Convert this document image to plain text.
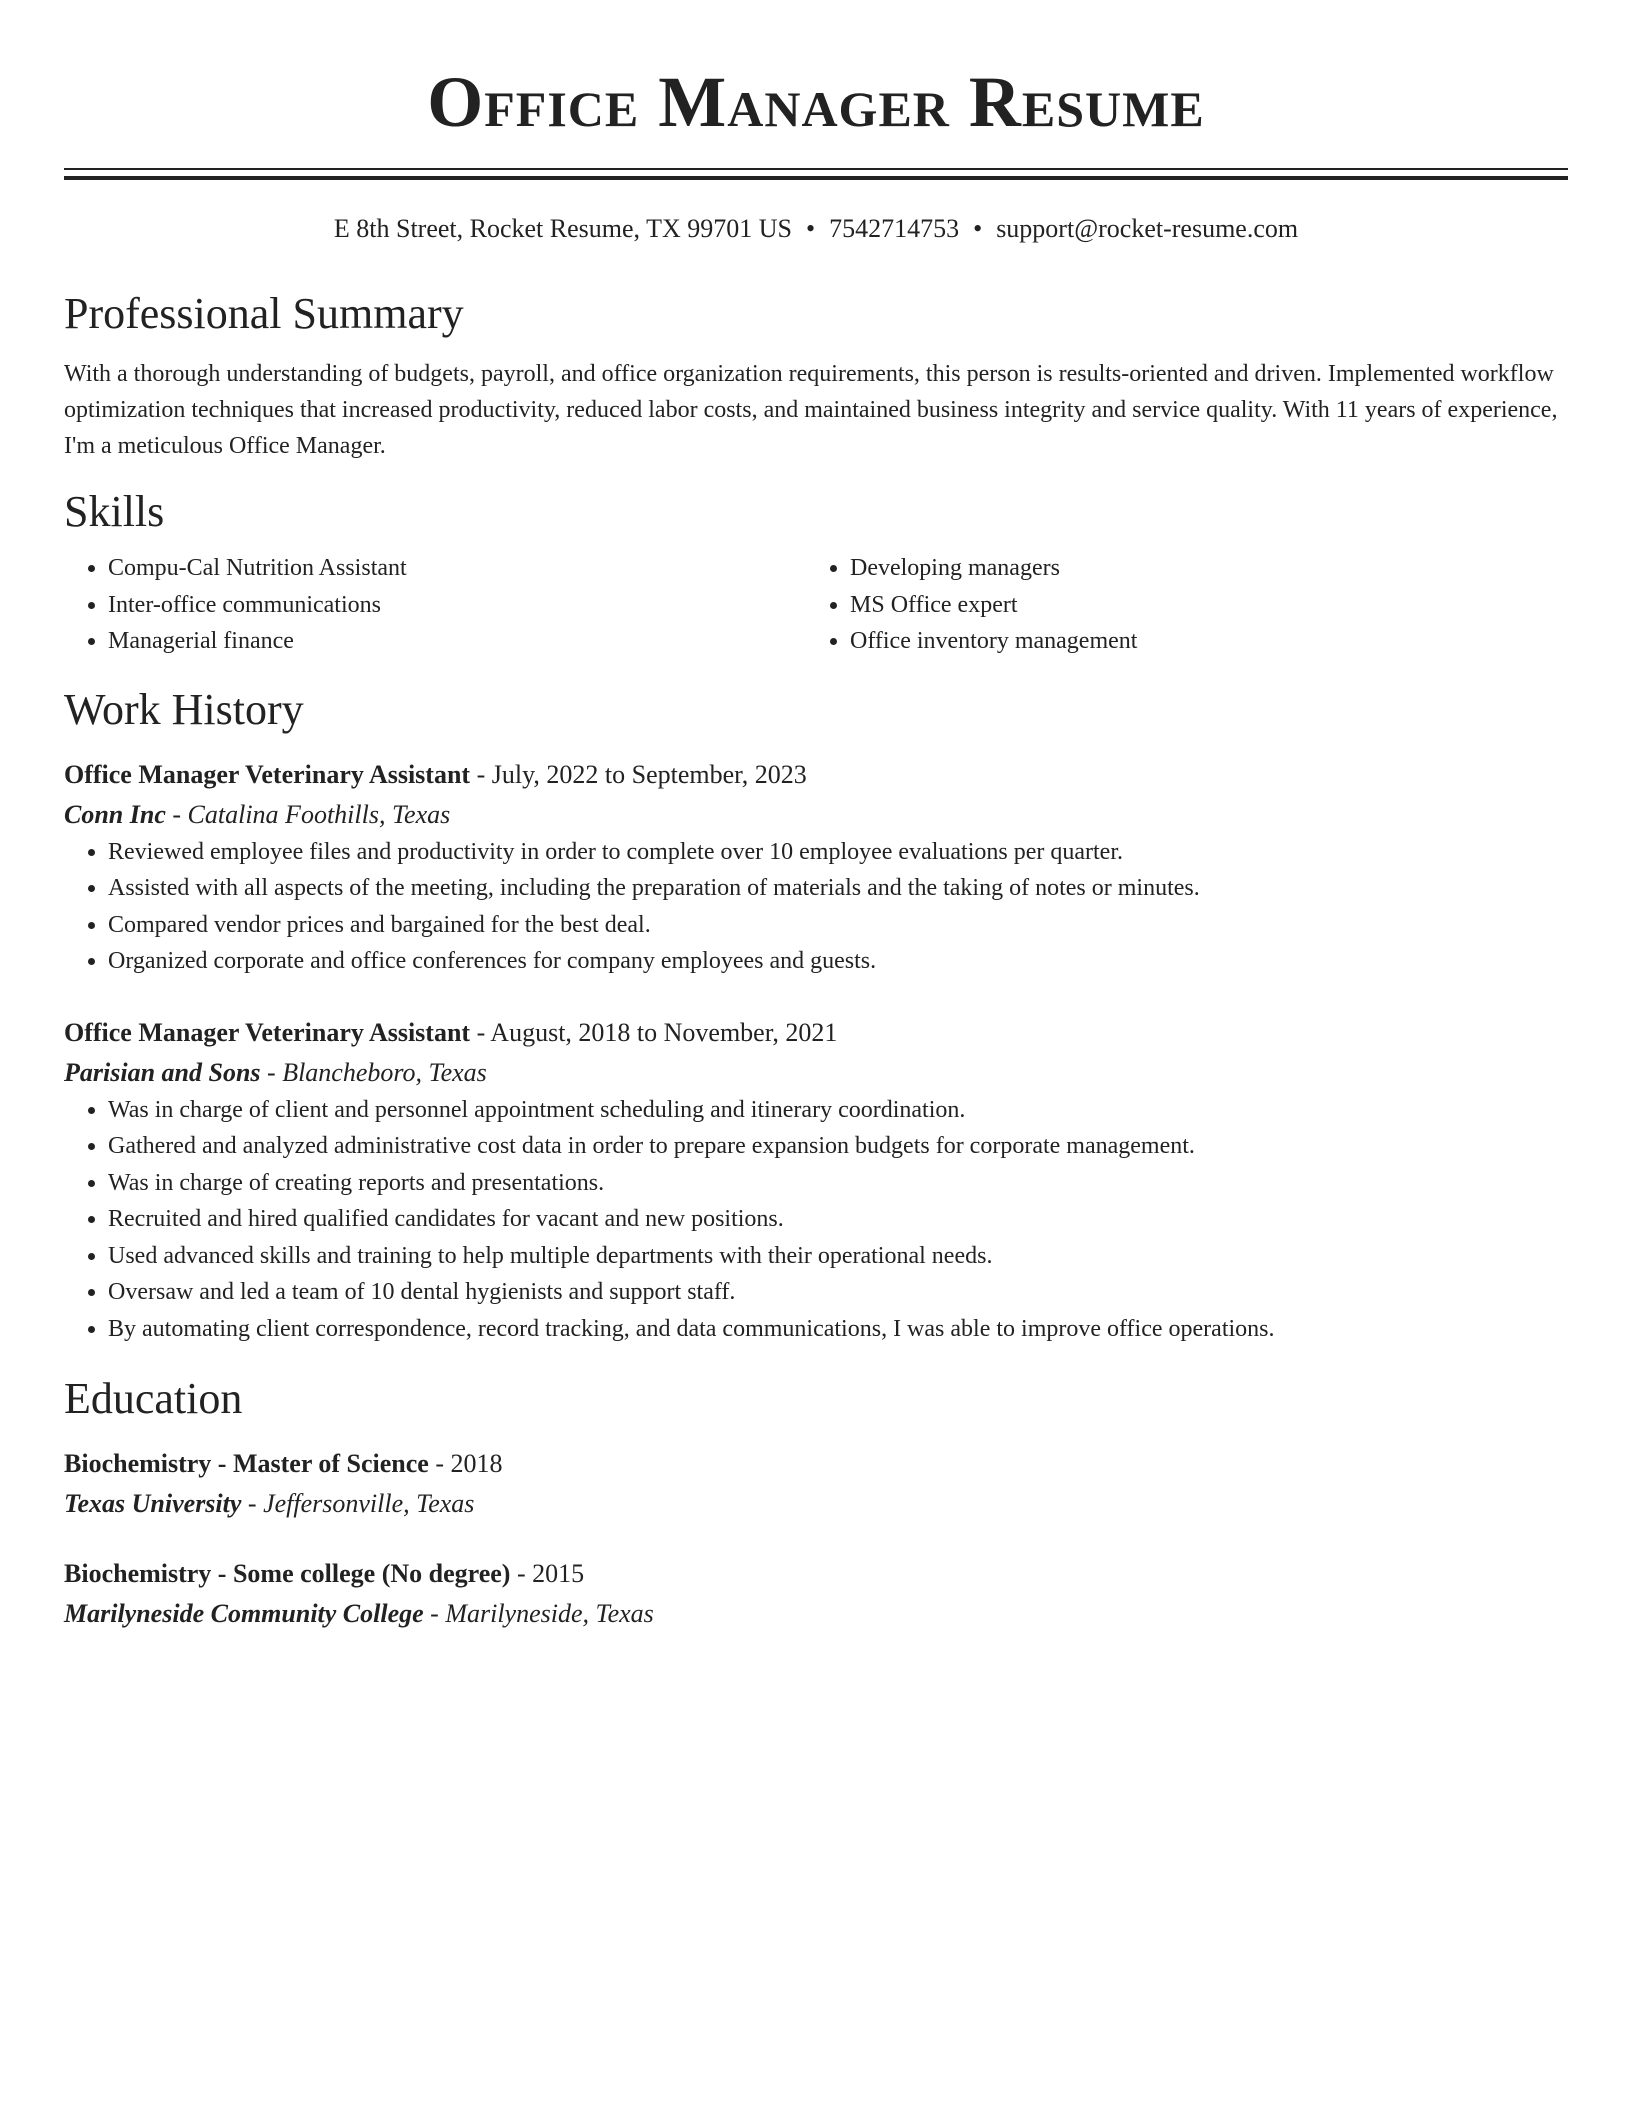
Office Manager Resume
E 8th Street, Rocket Resume, TX 99701 US • 7542714753 • support@rocket-resume.com
Professional Summary

With a thorough understanding of budgets, payroll, and office organization requirements, this person is results-oriented and driven. Implemented workflow optimization techniques that increased productivity, reduced labor costs, and maintained business integrity and service quality. With 11 years of experience, I'm a meticulous Office Manager.

Skills
• Compu-Cal Nutrition Assistant
• Inter-office communications
• Managerial finance
• Developing managers
• MS Office expert
• Office inventory management
Work History
Office Manager Veterinary Assistant - July, 2022 to September, 2023
Conn Inc - Catalina Foothills, Texas
• Reviewed employee files and productivity in order to complete over 10 employee evaluations per quarter.
• Assisted with all aspects of the meeting, including the preparation of materials and the taking of notes or minutes.
• Compared vendor prices and bargained for the best deal.
• Organized corporate and office conferences for company employees and guests.
Office Manager Veterinary Assistant - August, 2018 to November, 2021
Parisian and Sons - Blancheboro, Texas
• Was in charge of client and personnel appointment scheduling and itinerary coordination.
• Gathered and analyzed administrative cost data in order to prepare expansion budgets for corporate management.
• Was in charge of creating reports and presentations.
• Recruited and hired qualified candidates for vacant and new positions.
• Used advanced skills and training to help multiple departments with their operational needs.
• Oversaw and led a team of 10 dental hygienists and support staff.
• By automating client correspondence, record tracking, and data communications, I was able to improve office operations.
Education
Biochemistry - Master of Science - 2018
Texas University - Jeffersonville, Texas
Biochemistry - Some college (No degree) - 2015
Marilyneside Community College - Marilyneside, Texas
